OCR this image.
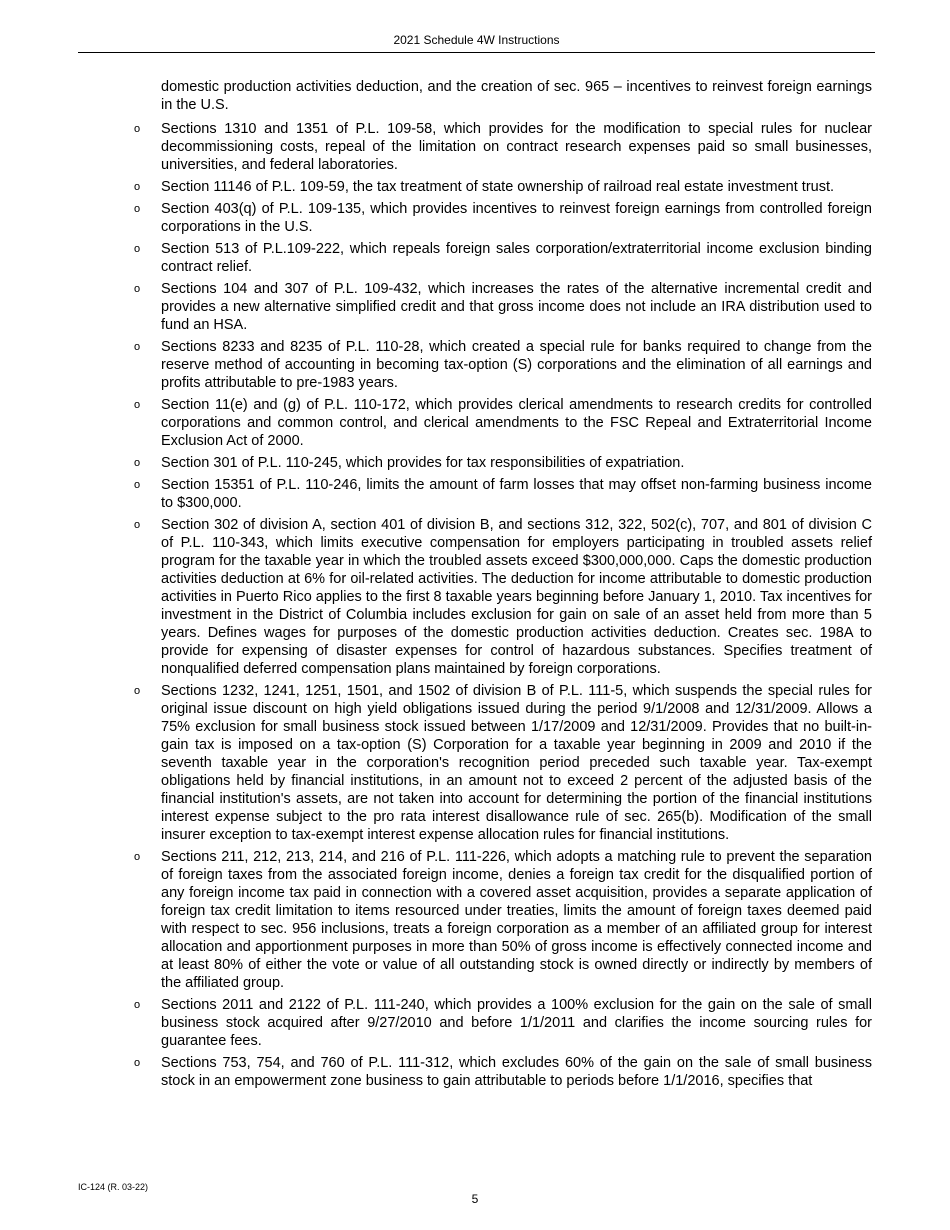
2021 Schedule 4W Instructions

domestic production activities deduction, and the creation of sec. 965 – incentives to reinvest foreign earnings in the U.S.

o	Sections 1310 and 1351 of P.L. 109-58, which provides for the modification to special rules for nuclear decommissioning costs, repeal of the limitation on contract research expenses paid so small businesses, universities, and federal laboratories.
o	Section 11146 of P.L. 109-59, the tax treatment of state ownership of railroad real estate investment trust.
o	Section 403(q) of P.L. 109-135, which provides incentives to reinvest foreign earnings from controlled foreign corporations in the U.S.
o	Section 513 of P.L.109-222, which repeals foreign sales corporation/extraterritorial income exclusion binding contract relief.
o	Sections 104 and 307 of P.L. 109-432, which increases the rates of the alternative incremental credit and provides a new alternative simplified credit and that gross income does not include an IRA distribution used to fund an HSA.
o	Sections 8233 and 8235 of P.L. 110-28, which created a special rule for banks required to change from the reserve method of accounting in becoming tax-option (S) corporations and the elimination of all earnings and profits attributable to pre-1983 years.
o	Section 11(e) and (g) of P.L. 110-172, which provides clerical amendments to research credits for controlled corporations and common control, and clerical amendments to the FSC Repeal and Extraterritorial Income Exclusion Act of 2000.
o	Section 301 of P.L. 110-245, which provides for tax responsibilities of expatriation.
o	Section 15351 of P.L. 110-246, limits the amount of farm losses that may offset non-farming business income to $300,000.
o	Section 302 of division A, section 401 of division B, and sections 312, 322, 502(c), 707, and 801 of division C of P.L. 110-343, which limits executive compensation for employers participating in troubled assets relief program for the taxable year in which the troubled assets exceed $300,000,000. Caps the domestic production activities deduction at 6% for oil-related activities. The deduction for income attributable to domestic production activities in Puerto Rico applies to the first 8 taxable years beginning before January 1, 2010. Tax incentives for investment in the District of Columbia includes exclusion for gain on sale of an asset held from more than 5 years. Defines wages for purposes of the domestic production activities deduction. Creates sec. 198A to provide for expensing of disaster expenses for control of hazardous substances. Specifies treatment of nonqualified deferred compensation plans maintained by foreign corporations.
o	Sections 1232, 1241, 1251, 1501, and 1502 of division B of P.L. 111-5, which suspends the special rules for original issue discount on high yield obligations issued during the period 9/1/2008 and 12/31/2009. Allows a 75% exclusion for small business stock issued between 1/17/2009 and 12/31/2009. Provides that no built-in-gain tax is imposed on a tax-option (S) Corporation for a taxable year beginning in 2009 and 2010 if the seventh taxable year in the corporation's recognition period preceded such taxable year. Tax-exempt obligations held by financial institutions, in an amount not to exceed 2 percent of the adjusted basis of the financial institution's assets, are not taken into account for determining the portion of the financial institutions interest expense subject to the pro rata interest disallowance rule of sec. 265(b). Modification of the small insurer exception to tax-exempt interest expense allocation rules for financial institutions.
o	Sections 211, 212, 213, 214, and 216 of P.L. 111-226, which adopts a matching rule to prevent the separation of foreign taxes from the associated foreign income, denies a foreign tax credit for the disqualified portion of any foreign income tax paid in connection with a covered asset acquisition, provides a separate application of foreign tax credit limitation to items resourced under treaties, limits the amount of foreign taxes deemed paid with respect to sec. 956 inclusions, treats a foreign corporation as a member of an affiliated group for interest allocation and apportionment purposes in more than 50% of gross income is effectively connected income and at least 80% of either the vote or value of all outstanding stock is owned directly or indirectly by members of the affiliated group.
o	Sections 2011 and 2122 of P.L. 111-240, which provides a 100% exclusion for the gain on the sale of small business stock acquired after 9/27/2010 and before 1/1/2011 and clarifies the income sourcing rules for guarantee fees.
o	Sections 753, 754, and 760 of P.L. 111-312, which excludes 60% of the gain on the sale of small business stock in an empowerment zone business to gain attributable to periods before 1/1/2016, specifies that
IC-124 (R. 03-22)
5
